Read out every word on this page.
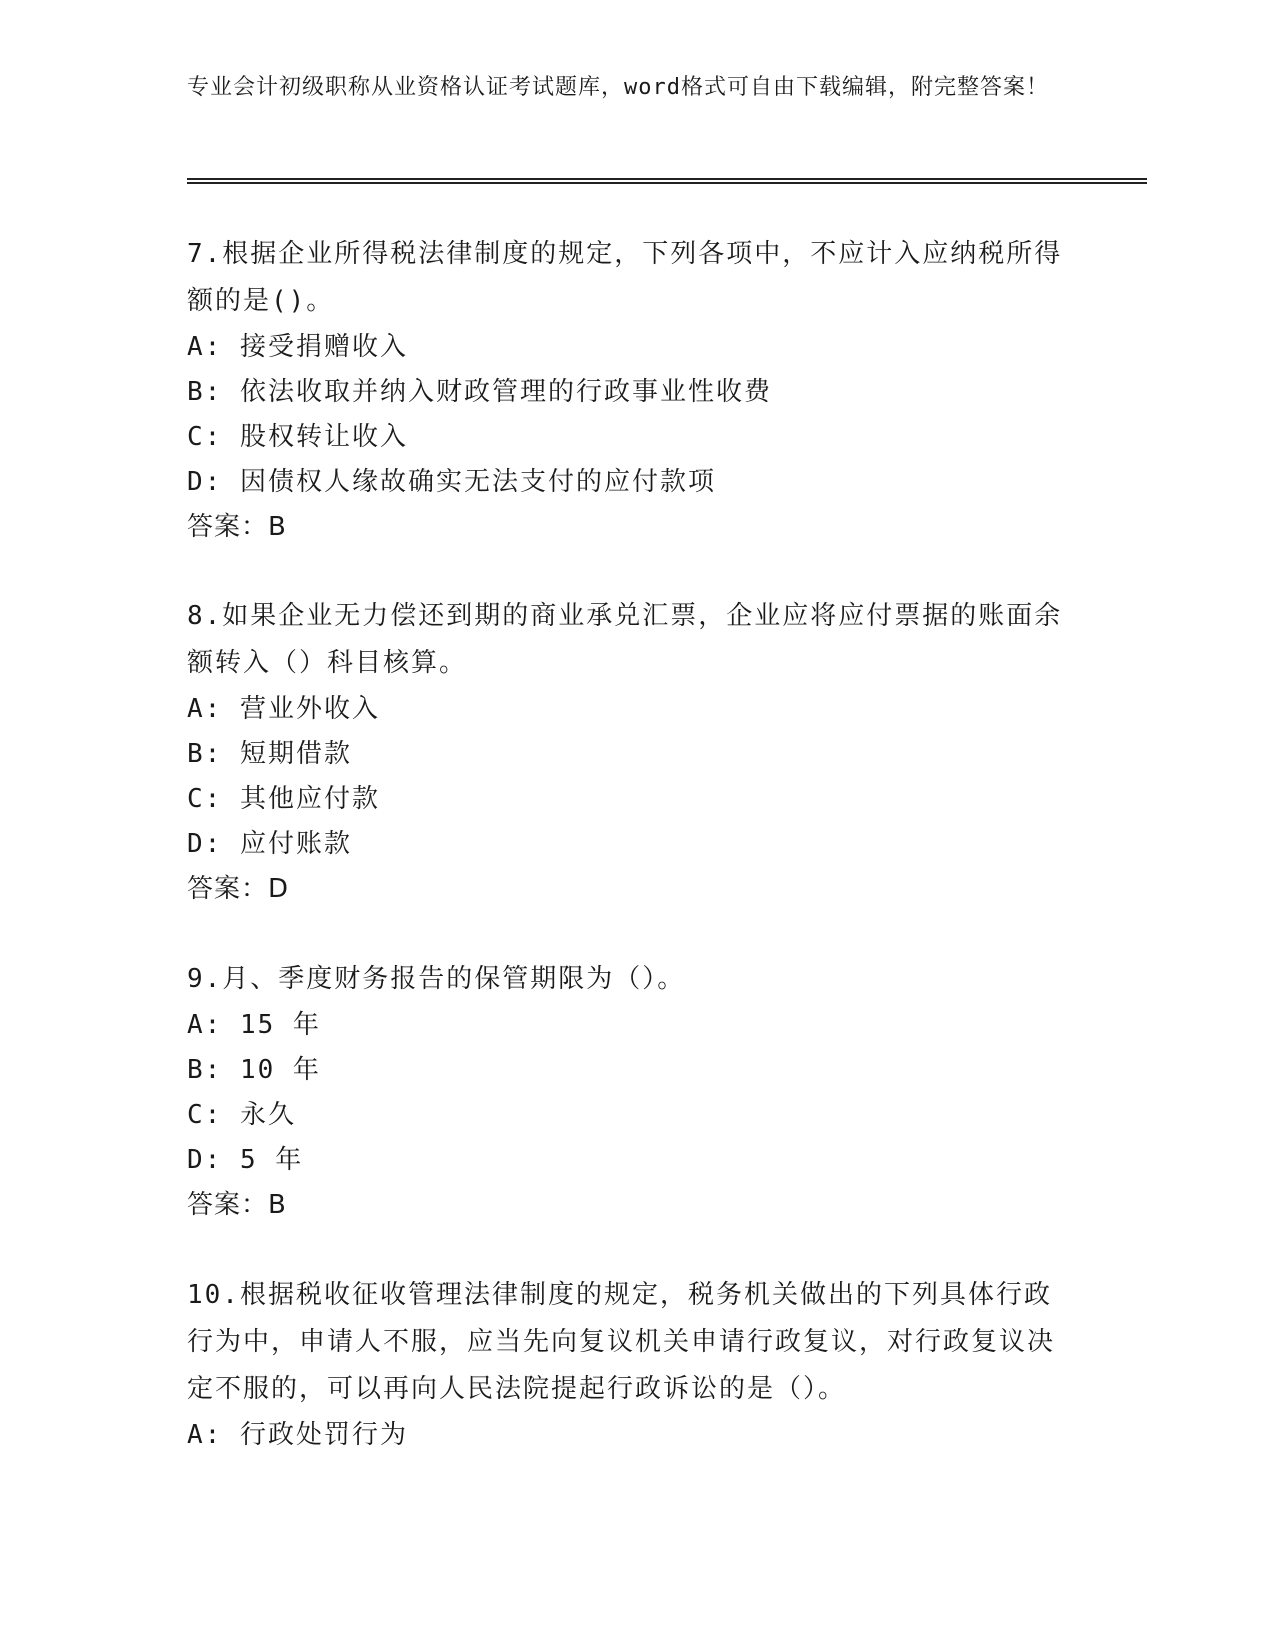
专业会计初级职称从业资格认证考试题库，word格式可自由下载编辑，附完整答案！
7.根据企业所得税法律制度的规定，下列各项中，不应计入应纳税所得额的是()。
A: 接受捐赠收入
B: 依法收取并纳入财政管理的行政事业性收费
C: 股权转让收入
D: 因债权人缘故确实无法支付的应付款项
答案：B
8.如果企业无力偿还到期的商业承兑汇票，企业应将应付票据的账面余额转入（）科目核算。
A: 营业外收入
B: 短期借款
C: 其他应付款
D: 应付账款
答案：D
9.月、季度财务报告的保管期限为（）。
A: 15 年
B: 10 年
C: 永久
D: 5 年
答案：B
10.根据税收征收管理法律制度的规定，税务机关做出的下列具体行政行为中，申请人不服，应当先向复议机关申请行政复议，对行政复议决定不服的，可以再向人民法院提起行政诉讼的是（）。
A: 行政处罚行为
